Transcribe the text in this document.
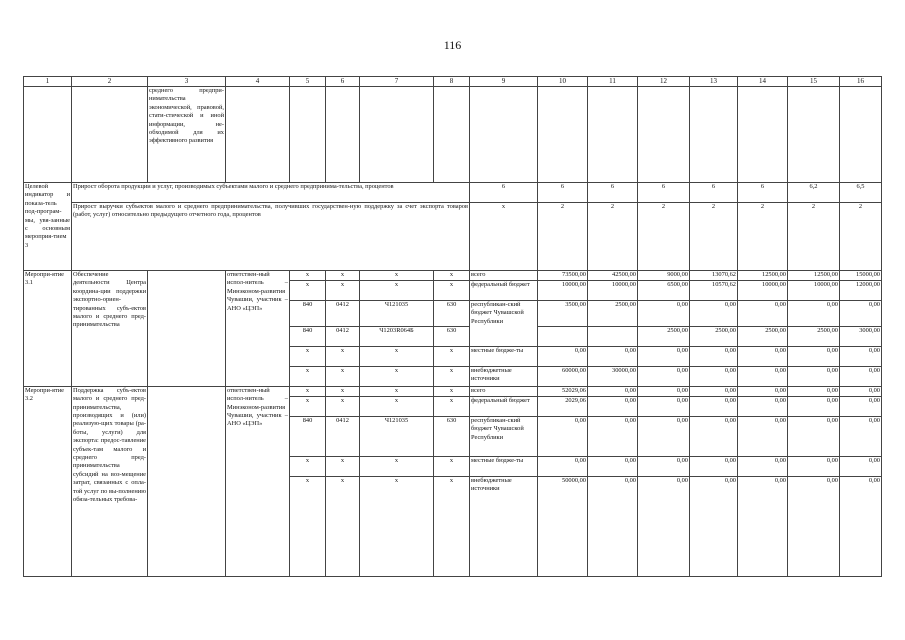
116
1	2	3	4	5	6	7	8	9	10	11	12	13	14	15	16
		среднего предпри-нимательства экономической, правовой, стати-стической и иной информации, не-обходимой для их эффективного развития													
Целевой индикатор и показа-тель под-програм-мы, увя-занные с основным мероприя-тием 3	Прирост оборота продукции и услуг, производимых субъектами малого и среднего предпринима-тельства, процентов							6	6	6	6	6	6	6,2	6,5
	Прирост выручки субъектов малого и среднего предпринимательства, получивших государствен-ную поддержку за счет экспорта товаров (работ, услуг) относительно предыдущего отчетного года, процентов							x	2	2	2	2	2	2	2
Меропри-ятие 3.1	Обеспечение деятельности Центра координа-ции поддержки экспортно-ориен-тированных субъ-ектов малого и среднего пред-принимательства		ответствен-ный испол-нитель – Минэконом-развития Чувашии, участник – АНО «ЦЭП»	x	x	x	x	всего	73500,00	42500,00	9000,00	13070,62	12500,00	12500,00	15000,00
				x	x	x	x	федеральный бюджет	10000,00	10000,00	6500,00	10570,62	10000,00	10000,00	12000,00
				840	0412	Ч121035	630	республикан-ский бюджет Чувашской Республики	3500,00	2500,00	0,00	0,00	0,00	0,00	0,00
				840	0412	Ч1203R064Б	630				2500,00	2500,00	2500,00	2500,00	3000,00
				x	x	x	x	местные бюдже-ты	0,00	0,00	0,00	0,00	0,00	0,00	0,00
				x	x	x	x	внебюджетные источники	60000,00	30000,00	0,00	0,00	0,00	0,00	0,00
Меропри-ятие 3.2	Поддержка субъ-ектов малого и среднего пред-принимательства, производящих и (или) реализую-щих товары (ра-боты, услуги) для экспорта: предос-тавление субъек-там малого и среднего пред-принимательства субсидий на воз-мещение затрат, связанных с опла-той услуг по вы-полнению обяза-тельных требова-		ответствен-ный испол-нитель – Минэконом-развития Чувашии, участник – АНО «ЦЭП»	x	x	x	x	всего	52029,06	0,00	0,00	0,00	0,00	0,00	0,00
				x	x	x	x	федеральный бюджет	2029,06	0,00	0,00	0,00	0,00	0,00	0,00
				840	0412	Ч121035	630	республикан-ский бюджет Чувашской Республики	0,00	0,00	0,00	0,00	0,00	0,00	0,00
				x	x	x	x	местные бюдже-ты	0,00	0,00	0,00	0,00	0,00	0,00	0,00
				x	x	x	x	внебюджетные источники	50000,00	0,00	0,00	0,00	0,00	0,00	0,00
